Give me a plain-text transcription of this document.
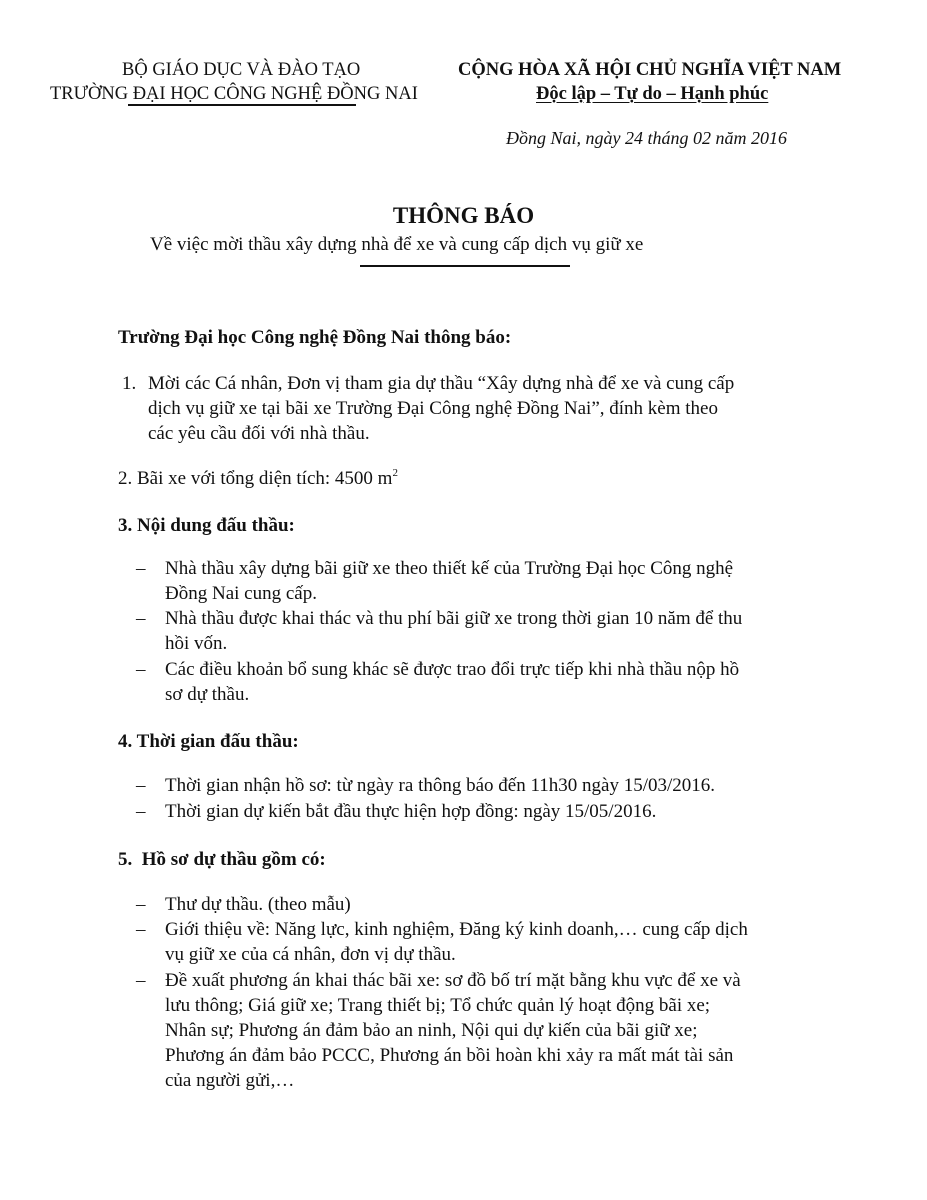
BỘ GIÁO DỤC VÀ ĐÀO TẠO
TRƯỜNG ĐẠI HỌC CÔNG NGHỆ ĐỒNG NAI
CỘNG HÒA XÃ HỘI CHỦ NGHĨA VIỆT NAM
Độc lập – Tự do – Hạnh phúc
Đồng Nai, ngày 24 tháng 02 năm 2016
THÔNG BÁO
Về việc mời thầu xây dựng nhà để xe và cung cấp dịch vụ giữ xe
Trường Đại học Công nghệ Đồng Nai thông báo:
1. Mời các Cá nhân, Đơn vị tham gia dự thầu “Xây dựng nhà để xe và cung cấp
dịch vụ giữ xe tại bãi xe Trường Đại Công nghệ Đồng Nai”, đính kèm theo
các yêu cầu đối với nhà thầu.
2. Bãi xe với tổng diện tích: 4500 $m^2$
3. Nội dung đấu thầu:
– Nhà thầu xây dựng bãi giữ xe theo thiết kế của Trường Đại học Công nghệ
Đồng Nai cung cấp.
– Nhà thầu được khai thác và thu phí bãi giữ xe trong thời gian 10 năm để thu
hồi vốn.
– Các điều khoản bổ sung khác sẽ được trao đổi trực tiếp khi nhà thầu nộp hồ
sơ dự thầu.
4. Thời gian đấu thầu:
– Thời gian nhận hồ sơ: từ ngày ra thông báo đến 11h30 ngày 15/03/2016.
– Thời gian dự kiến bắt đầu thực hiện hợp đồng: ngày 15/05/2016.
5.  Hồ sơ dự thầu gồm có:
– Thư dự thầu. (theo mẫu)
– Giới thiệu về: Năng lực, kinh nghiệm, Đăng ký kinh doanh,… cung cấp dịch
vụ giữ xe của cá nhân, đơn vị dự thầu.
– Đề xuất phương án khai thác bãi xe: sơ đồ bố trí mặt bằng khu vực để xe và
lưu thông; Giá giữ xe; Trang thiết bị; Tổ chức quản lý hoạt động bãi xe;
Nhân sự; Phương án đảm bảo an ninh, Nội qui dự kiến của bãi giữ xe;
Phương án đảm bảo PCCC, Phương án bồi hoàn khi xảy ra mất mát tài sản
của người gửi,…
